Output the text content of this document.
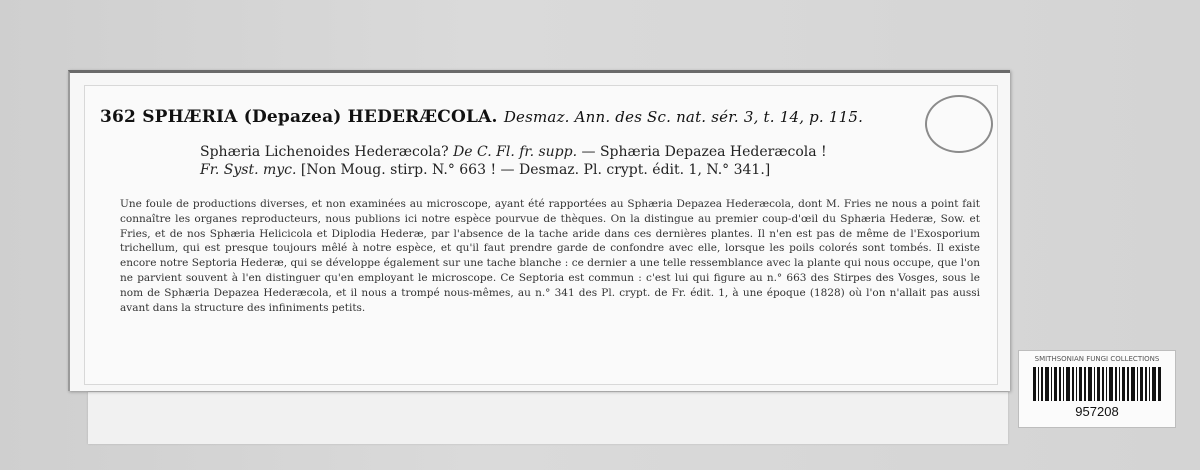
362 SPHÆRIA (Depazea) HEDERÆCOLA. Desmaz. Ann. des Sc. nat. sér. 3, t. 14, p. 115.
Sphæria Lichenoides Hederæcola? De C. Fl. fr. supp. — Sphæria Depazea Hederæcola !
Fr. Syst. myc. [Non Moug. stirp. N.° 663 ! — Desmaz. Pl. crypt. édit. 1, N.° 341.]
Une foule de productions diverses, et non examinées au microscope, ayant été rapportées au Sphæria Depazea Hederæcola, dont M. Fries ne nous a point fait connaître les organes reproducteurs, nous publions ici notre espèce pourvue de thèques. On la distingue au premier coup-d'œil du Sphæria Hederæ, Sow. et Fries, et de nos Sphæria Helicicola et Diplodia Hederæ, par l'absence de la tache aride dans ces dernières plantes. Il n'en est pas de même de l'Exosporium trichellum, qui est presque toujours mêlé à notre espèce, et qu'il faut prendre garde de confondre avec elle, lorsque les poils colorés sont tombés. Il existe encore notre Septoria Hederæ, qui se développe également sur une tache blanche : ce dernier a une telle ressemblance avec la plante qui nous occupe, que l'on ne parvient souvent à l'en distinguer qu'en employant le microscope. Ce Septoria est commun : c'est lui qui figure au n.° 663 des Stirpes des Vosges, sous le nom de Sphæria Depazea Hederæcola, et il nous a trompé nous-mêmes, au n.° 341 des Pl. crypt. de Fr. édit. 1, à une époque (1828) où l'on n'allait pas aussi avant dans la structure des infiniments petits.
SMITHSONIAN FUNGI COLLECTIONS
957208
